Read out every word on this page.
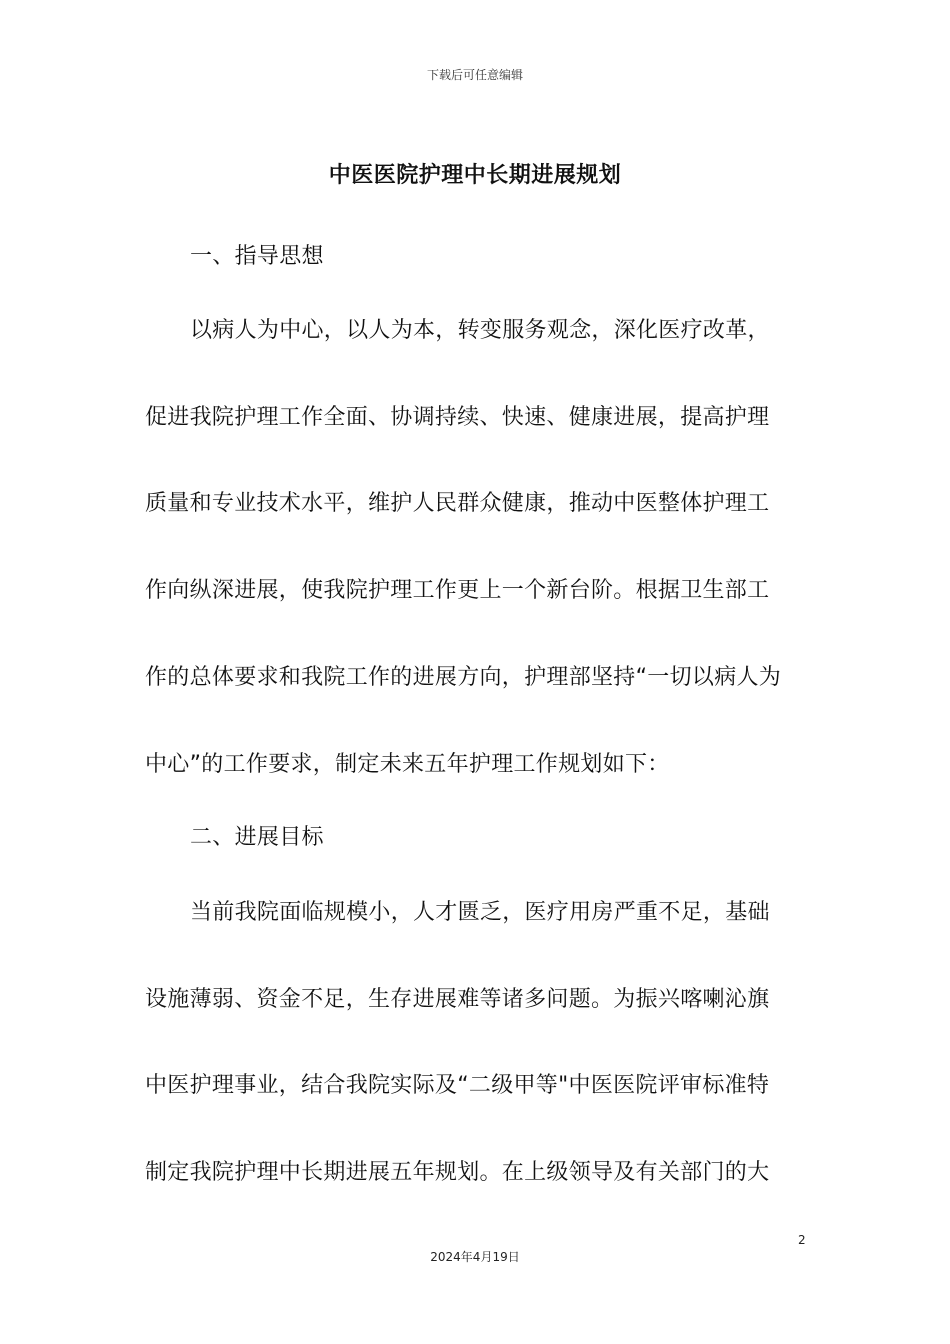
下载后可任意编辑
中医医院护理中长期进展规划
一、指导思想
以病人为中心，以人为本，转变服务观念，深化医疗改革，
促进我院护理工作全面、协调持续、快速、健康进展，提高护理
质量和专业技术水平，维护人民群众健康，推动中医整体护理工
作向纵深进展，使我院护理工作更上一个新台阶。根据卫生部工
作的总体要求和我院工作的进展方向，护理部坚持“一切以病人为
中心”的工作要求，制定未来五年护理工作规划如下：
二、进展目标
当前我院面临规模小，人才匮乏，医疗用房严重不足，基础
设施薄弱、资金不足，生存进展难等诸多问题。为振兴喀喇沁旗
中医护理事业，结合我院实际及“二级甲等"中医医院评审标准特
制定我院护理中长期进展五年规划。在上级领导及有关部门的大
2
2024年4月19日
